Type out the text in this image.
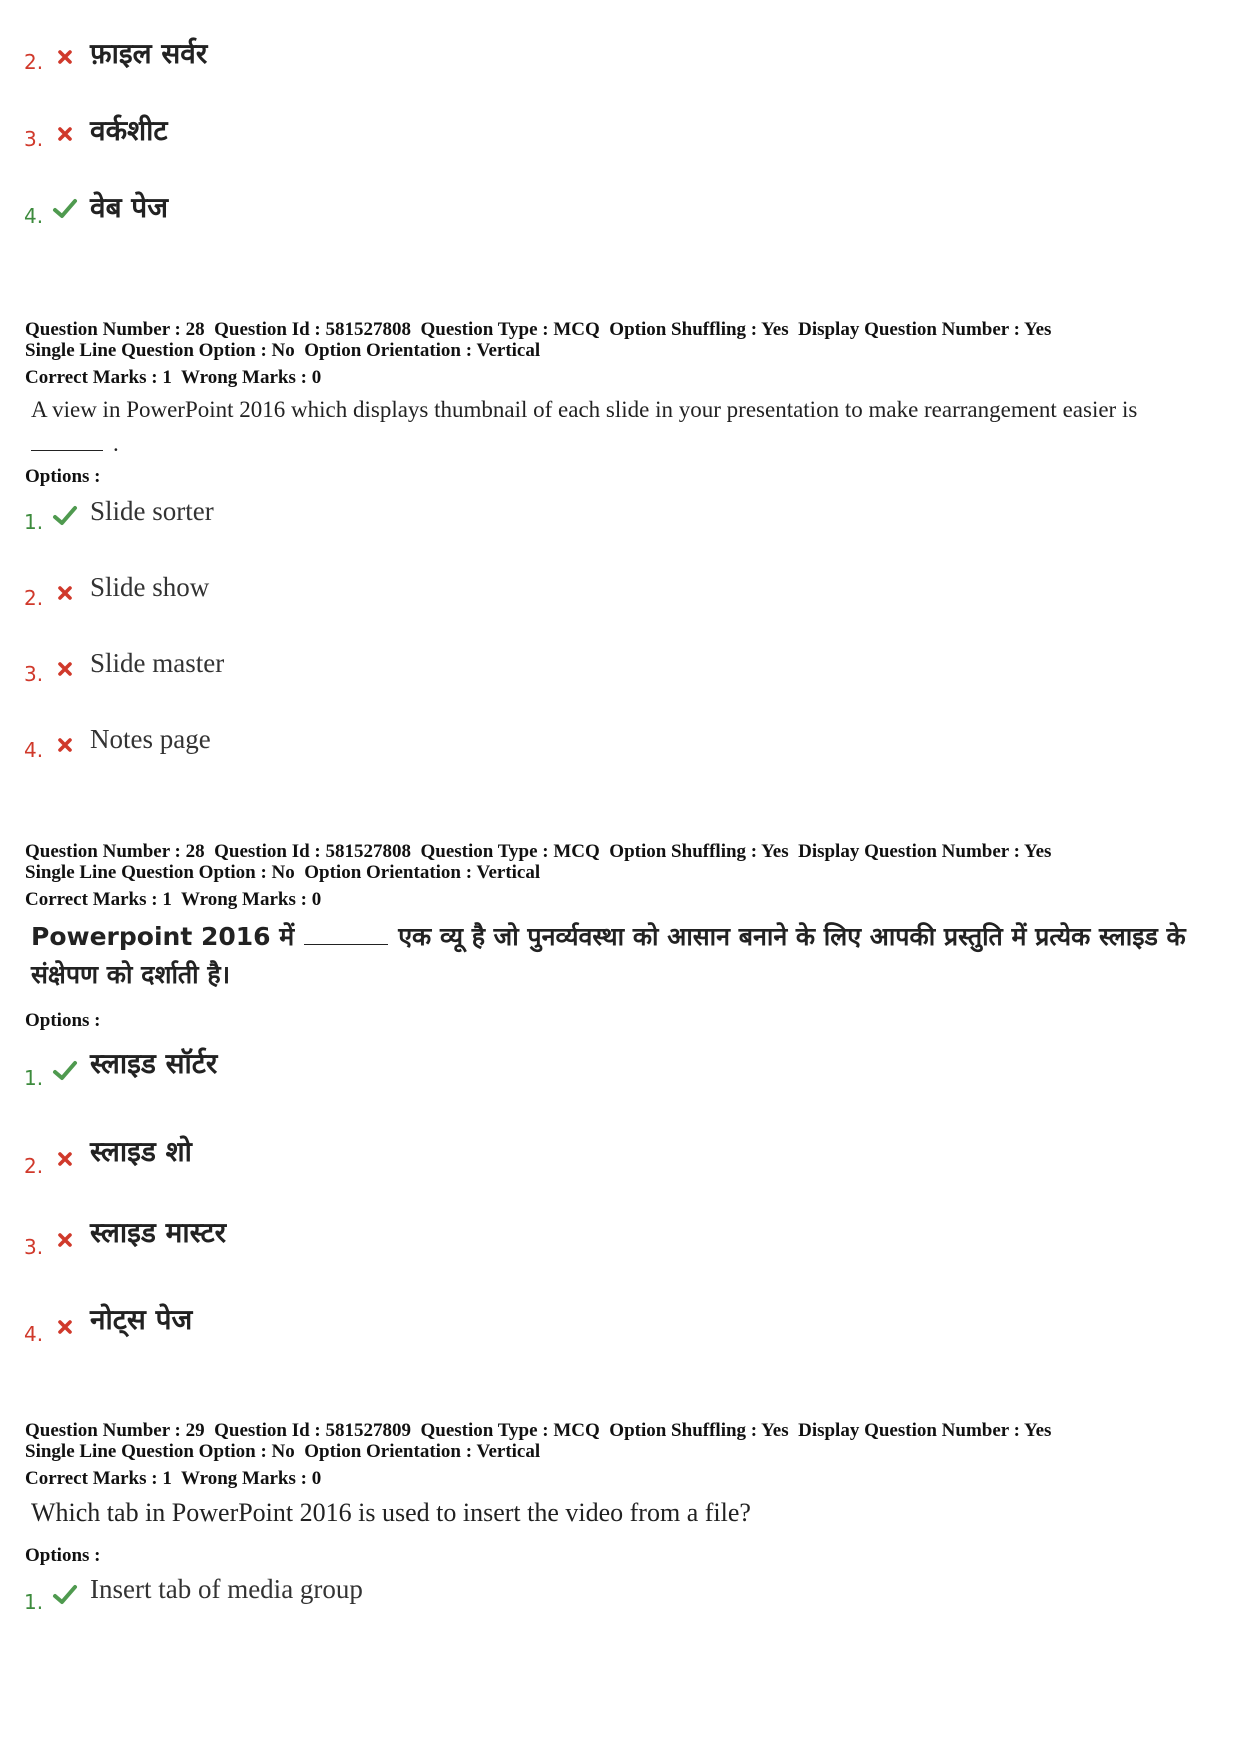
2. फ़ाइल सर्वर
3. वर्कशीट
4. वेब पेज
Question Number : 28  Question Id : 581527808  Question Type : MCQ  Option Shuffling : Yes  Display Question Number : Yes
Single Line Question Option : No  Option Orientation : Vertical
Correct Marks : 1  Wrong Marks : 0
A view in PowerPoint 2016 which displays thumbnail of each slide in your presentation to make rearrangement easier is
.
Options :
1. Slide sorter
2. Slide show
3. Slide master
4. Notes page
Question Number : 28  Question Id : 581527808  Question Type : MCQ  Option Shuffling : Yes  Display Question Number : Yes
Single Line Question Option : No  Option Orientation : Vertical
Correct Marks : 1  Wrong Marks : 0
Powerpoint 2016 में	एक व्यू है जो पुनर्व्यवस्था को आसान बनाने के लिए आपकी प्रस्तुति में प्रत्येक स्लाइड के संक्षेपण को दर्शाती है।
Options :
1. स्लाइड सॉर्टर
2. स्लाइड शो
3. स्लाइड मास्टर
4. नोट्स पेज
Question Number : 29  Question Id : 581527809  Question Type : MCQ  Option Shuffling : Yes  Display Question Number : Yes
Single Line Question Option : No  Option Orientation : Vertical
Correct Marks : 1  Wrong Marks : 0
Which tab in PowerPoint 2016 is used to insert the video from a file?
Options :
1. Insert tab of media group
